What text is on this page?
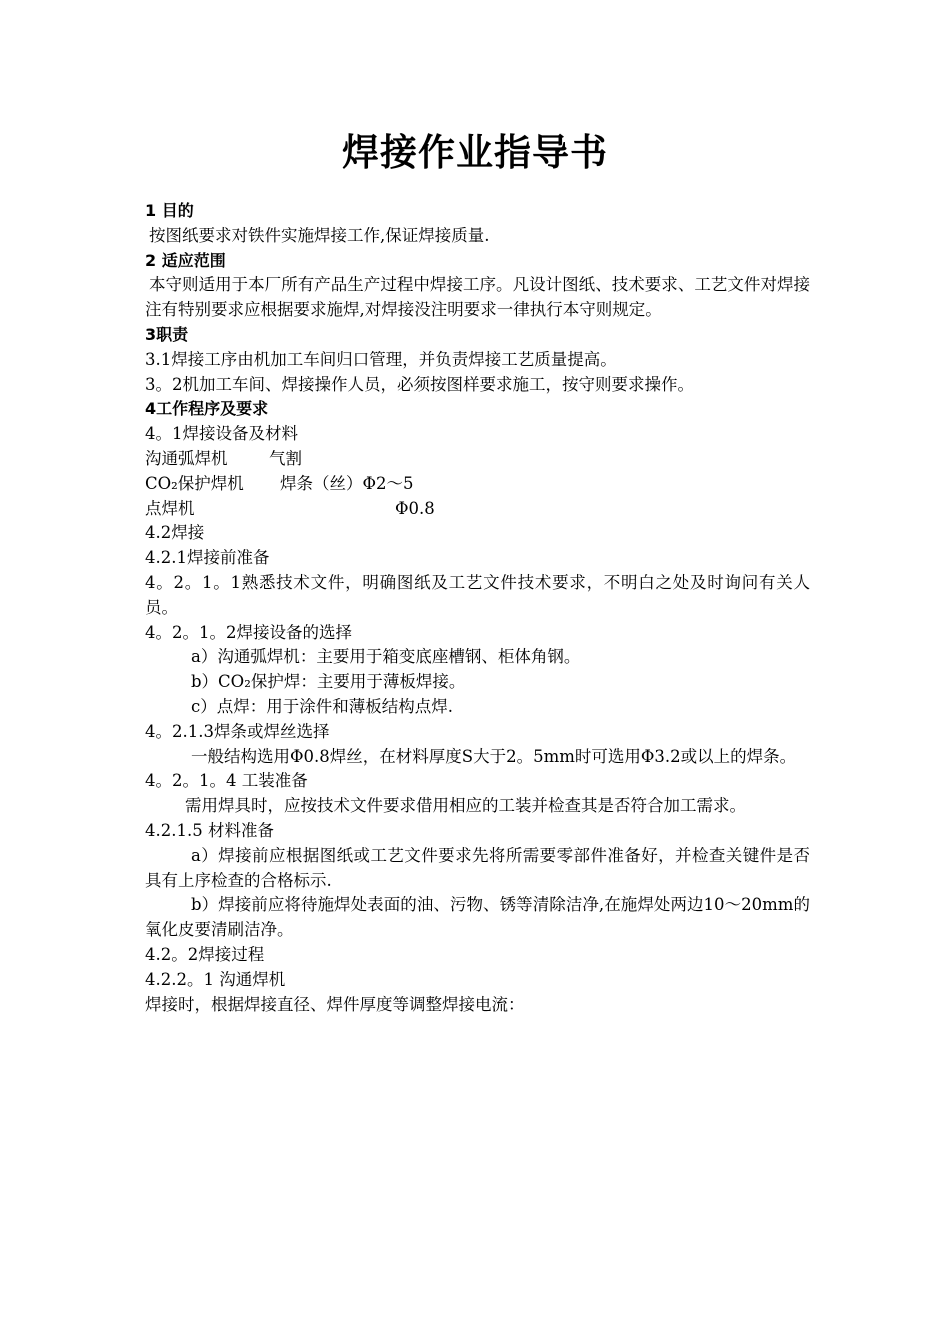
焊接作业指导书
1 目的
按图纸要求对铁件实施焊接工作,保证焊接质量.
2 适应范围
本守则适用于本厂所有产品生产过程中焊接工序。凡设计图纸、技术要求、工艺文件对焊接注有特别要求应根据要求施焊,对焊接没注明要求一律执行本守则规定。
3职责
3.1焊接工序由机加工车间归口管理，并负责焊接工艺质量提高。
3。2机加工车间、焊接操作人员，必须按图样要求施工，按守则要求操作。
4工作程序及要求
4。1焊接设备及材料
沟通弧焊机	气割
CO₂保护焊机 焊条（丝）Φ2～5
点焊机	Φ0.8
4.2焊接
4.2.1焊接前准备
4。2。1。1熟悉技术文件，明确图纸及工艺文件技术要求，不明白之处及时询问有关人员。
4。2。1。2焊接设备的选择
a）沟通弧焊机：主要用于箱变底座槽钢、柜体角钢。
b）CO₂保护焊：主要用于薄板焊接。
c）点焊：用于涂件和薄板结构点焊.
4。2.1.3焊条或焊丝选择
一般结构选用Φ0.8焊丝，在材料厚度S大于2。5mm时可选用Φ3.2或以上的焊条。
4。2。1。4 工装准备
需用焊具时，应按技术文件要求借用相应的工装并检查其是否符合加工需求。
4.2.1.5 材料准备
a）焊接前应根据图纸或工艺文件要求先将所需要零部件准备好，并检查关键件是否具有上序检查的合格标示.
b）焊接前应将待施焊处表面的油、污物、锈等清除洁净,在施焊处两边10～20mm的氧化皮要清刷洁净。
4.2。2焊接过程
4.2.2。1 沟通焊机
焊接时，根据焊接直径、焊件厚度等调整焊接电流：
